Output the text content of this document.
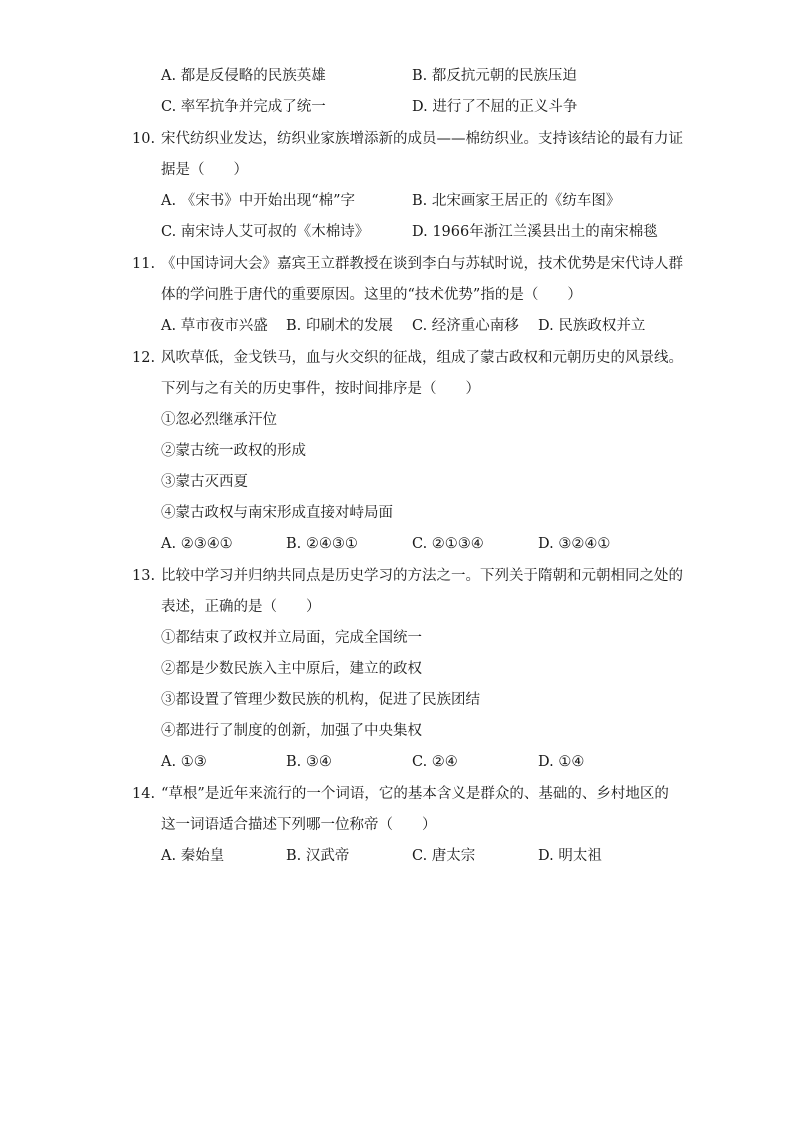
A. 都是反侵略的民族英雄	B. 都反抗元朝的民族压迫
C. 率军抗争并完成了统一	D. 进行了不屈的正义斗争
10. 宋代纺织业发达，纺织业家族增添新的成员——棉纺织业。支持该结论的最有力证
据是（　　）
A. 《宋书》中开始出现“棉”字	B. 北宋画家王居正的《纺车图》
C. 南宋诗人艾可叔的《木棉诗》	D. 1966年浙江兰溪县出土的南宋棉毯
11. 《中国诗词大会》嘉宾王立群教授在谈到李白与苏轼时说，技术优势是宋代诗人群
体的学问胜于唐代的重要原因。这里的“技术优势”指的是（　　）
A. 草市夜市兴盛 B. 印刷术的发展 C. 经济重心南移 D. 民族政权并立
12. 风吹草低，金戈铁马，血与火交织的征战，组成了蒙古政权和元朝历史的风景线。
下列与之有关的历史事件，按时间排序是（　　）
①忽必烈继承汗位
②蒙古统一政权的形成
③蒙古灭西夏
④蒙古政权与南宋形成直接对峙局面
A. ②③④①	B. ②④③①	C. ②①③④	D. ③②④①
13. 比较中学习并归纳共同点是历史学习的方法之一。下列关于隋朝和元朝相同之处的
表述，正确的是（　　）
①都结束了政权并立局面，完成全国统一
②都是少数民族入主中原后，建立的政权
③都设置了管理少数民族的机构，促进了民族团结
④都进行了制度的创新，加强了中央集权
A. ①③	B. ③④	C. ②④	D. ①④
14. “草根”是近年来流行的一个词语，它的基本含义是群众的、基础的、乡村地区的
这一词语适合描述下列哪一位称帝（　　）
A. 秦始皇	B. 汉武帝	C. 唐太宗	D. 明太祖
